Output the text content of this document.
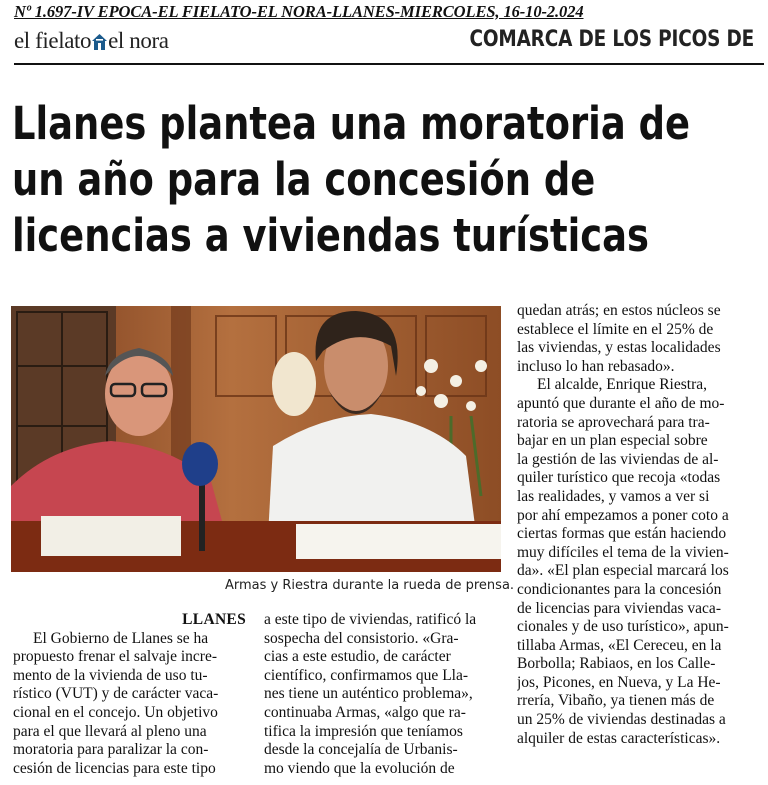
Nº 1.697-IV EPOCA-EL FIELATO-EL NORA-LLANES-MIERCOLES, 16-10-2.024
el fielato el nora	COMARCA DE LOS PICOS DE
Llanes plantea una moratoria de
un año para la concesión de
licencias a viviendas turísticas
Armas y Riestra durante la rueda de prensa.
LLANES
El Gobierno de Llanes se ha
propuesto frenar el salvaje incre-
mento de la vivienda de uso tu-
rístico (VUT) y de carácter vaca-
cional en el concejo. Un objetivo
para el que llevará al pleno una
moratoria para paralizar la con-
cesión de licencias para este tipo
a este tipo de viviendas, ratificó la
sospecha del consistorio. «Gra-
cias a este estudio, de carácter
científico, confirmamos que Lla-
nes tiene un auténtico problema»,
continuaba Armas, «algo que ra-
tifica la impresión que teníamos
desde la concejalía de Urbanis-
mo viendo que la evolución de
quedan atrás; en estos núcleos se
establece el límite en el 25% de
las viviendas, y estas localidades
incluso lo han rebasado».
El alcalde, Enrique Riestra,
apuntó que durante el año de mo-
ratoria se aprovechará para tra-
bajar en un plan especial sobre
la gestión de las viviendas de al-
quiler turístico que recoja «todas
las realidades, y vamos a ver si
por ahí empezamos a poner coto a
ciertas formas que están haciendo
muy difíciles el tema de la vivien-
da». «El plan especial marcará los
condicionantes para la concesión
de licencias para viviendas vaca-
cionales y de uso turístico», apun-
tillaba Armas, «El Cereceu, en la
Borbolla; Rabiaos, en los Calle-
jos, Picones, en Nueva, y La He-
rrería, Vibaño, ya tienen más de
un 25% de viviendas destinadas a
alquiler de estas características».
